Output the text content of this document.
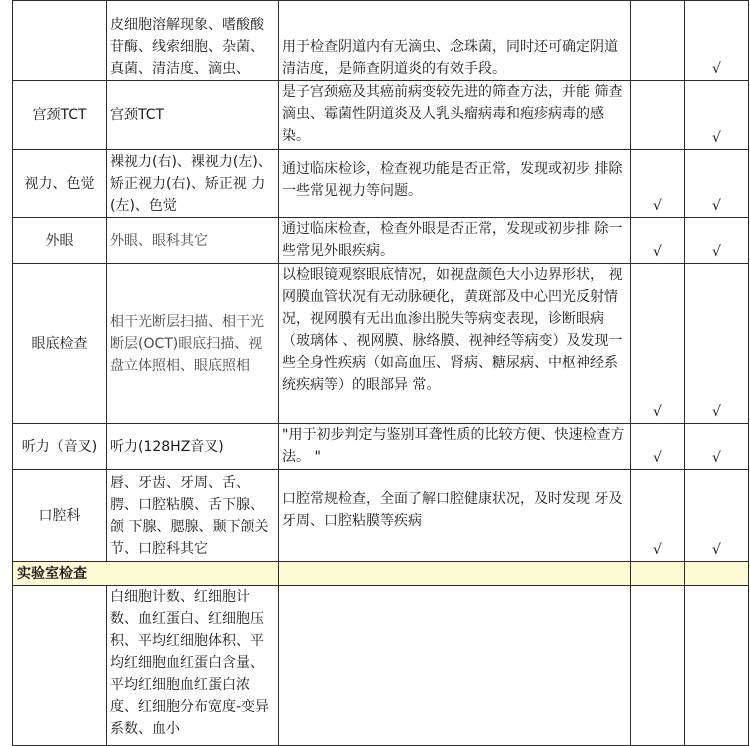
	皮细胞溶解现象、嗜酸酸苷酶、线索细胞、杂菌、真菌、清洁度、滴虫、	用于检查阴道内有无滴虫、念珠菌，同时还可确定阴道清洁度，是筛查阴道炎的有效手段。		√
宫颈TCT	宫颈TCT	是子宫颈癌及其癌前病变较先进的筛查方法，并能 筛查滴虫、霉菌性阴道炎及人乳头瘤病毒和疱疹病毒的感染。		√
视力、色觉	裸视力(右)、裸视力(左)、矫正视力(右)、矫正视 力(左)、色觉	通过临床检诊，检查视功能是否正常，发现或初步 排除一些常见视力等问题。	√	√
外眼	外眼、眼科其它	通过临床检查，检查外眼是否正常，发现或初步排 除一些常见外眼疾病。	√	√
眼底检查	相干光断层扫描、相干光断层(OCT)眼底扫描、视盘立体照相、眼底照相	以检眼镜观察眼底情况，如视盘颜色大小边界形状， 视网膜血管状况有无动脉硬化，黄斑部及中心凹光反射情况，视网膜有无出血渗出脱失等病变表现，诊断眼病（玻璃体 、视网膜、脉络膜、视神经等病变）及发现一些全身性疾病（如高血压、肾病、糖尿病、中枢神经系统疾病等）的眼部异 常。	√	√
听力（音叉)	听力(128HZ音叉)	"用于初步判定与鉴别耳聋性质的比较方便、快速检查方法。 "	√	√
口腔科	唇、牙齿、牙周、舌、腭、口腔粘膜、舌下腺、颌 下腺、腮腺、颞下颌关节、口腔科其它	口腔常规检查，全面了解口腔健康状况，及时发现 牙及牙周、口腔粘膜等疾病	√	√
实验室检查				
	白细胞计数、红细胞计数、血红蛋白、红细胞压积、平均红细胞体积、平均红细胞血红蛋白含量、平均红细胞血红蛋白浓度、红细胞分布宽度-变异系数、血小			
